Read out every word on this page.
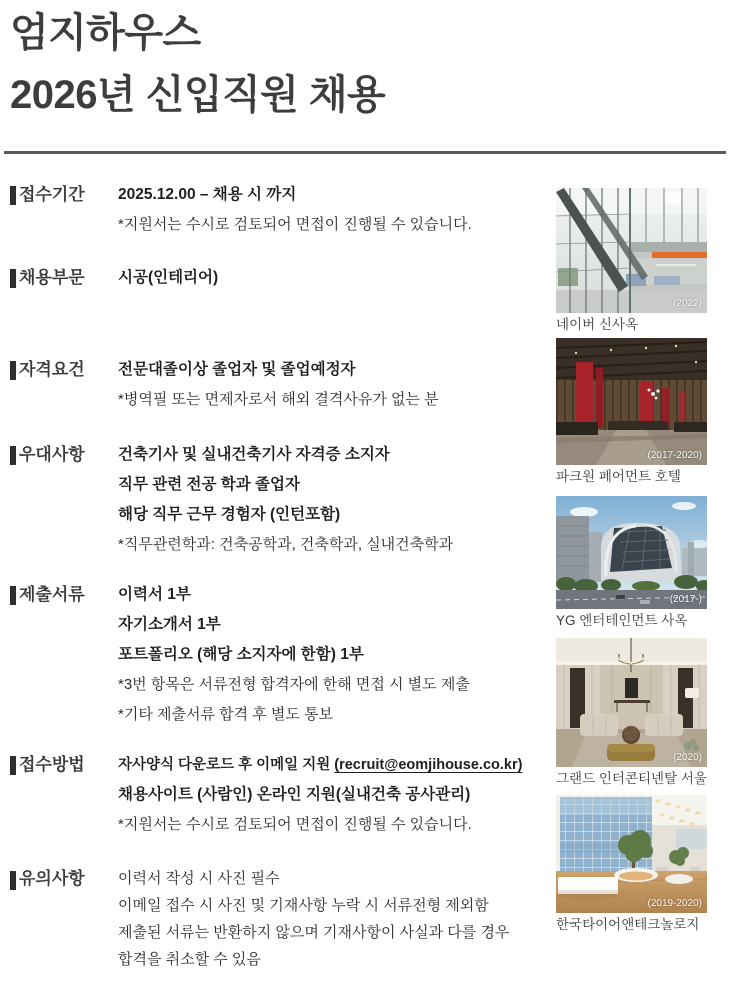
엄지하우스
2026년 신입직원 채용
접수기간 2025.12.00 – 채용 시 까지
*지원서는 수시로 검토되어 면접이 진행될 수 있습니다.
채용부문 시공(인테리어)
자격요건 전문대졸이상 졸업자 및 졸업예정자
*병역필 또는 면제자로서 해외 결격사유가 없는 분
우대사항 건축기사 및 실내건축기사 자격증 소지자
직무 관련 전공 학과 졸업자
해당 직무 근무 경험자 (인턴포함)
*직무관련학과: 건축공학과, 건축학과, 실내건축학과
제출서류 이력서 1부
자기소개서 1부
포트폴리오 (해당 소지자에 한함) 1부
*3번 항목은 서류전형 합격자에 한해 면접 시 별도 제출
*기타 제출서류 합격 후 별도 통보
접수방법 자사양식 다운로드 후 이메일 지원 (recruit@eomjihouse.co.kr)
채용사이트 (사람인) 온라인 지원(실내건축 공사관리)
*지원서는 수시로 검토되어 면접이 진행될 수 있습니다.
유의사항 이력서 작성 시 사진 필수
이메일 접수 시 사진 및 기재사항 누락 시 서류전형 제외함
제출된 서류는 반환하지 않으며 기재사항이 사실과 다를 경우
합격을 취소할 수 있음
(2022)
네이버 신사옥
(2017-2020)
파크원 페어먼트 호텔
(2017-)
YG 엔터테인먼트 사옥
(2020)
그랜드 인터콘티넨탈 서울
(2019-2020)
한국타이어앤테크놀로지
